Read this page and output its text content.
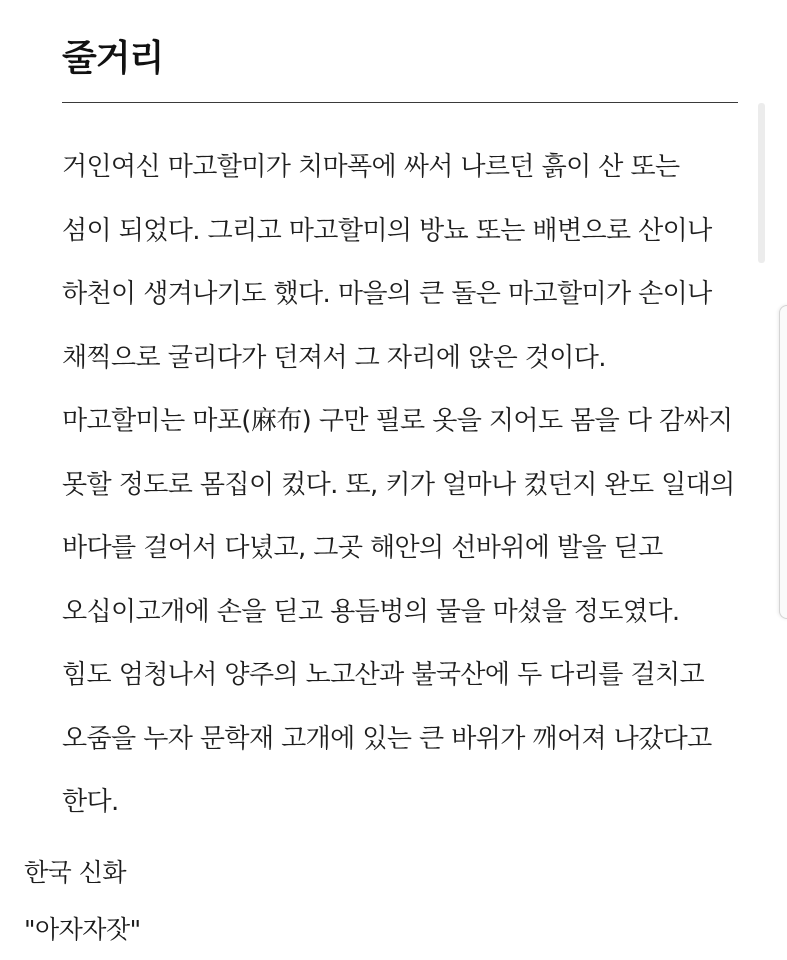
줄거리
거인여신 마고할미가 치마폭에 싸서 나르던 흙이 산 또는
섬이 되었다. 그리고 마고할미의 방뇨 또는 배변으로 산이나
하천이 생겨나기도 했다. 마을의 큰 돌은 마고할미가 손이나
채찍으로 굴리다가 던져서 그 자리에 앉은 것이다.
마고할미는 마포(麻布) 구만 필로 옷을 지어도 몸을 다 감싸지
못할 정도로 몸집이 컸다. 또, 키가 얼마나 컸던지 완도 일대의
바다를 걸어서 다녔고, 그곳 해안의 선바위에 발을 딛고
오십이고개에 손을 딛고 용듬벙의 물을 마셨을 정도였다.
힘도 엄청나서 양주의 노고산과 불국산에 두 다리를 걸치고
오줌을 누자 문학재 고개에 있는 큰 바위가 깨어져 나갔다고
한다.

한국 신화

"아자자잣"
